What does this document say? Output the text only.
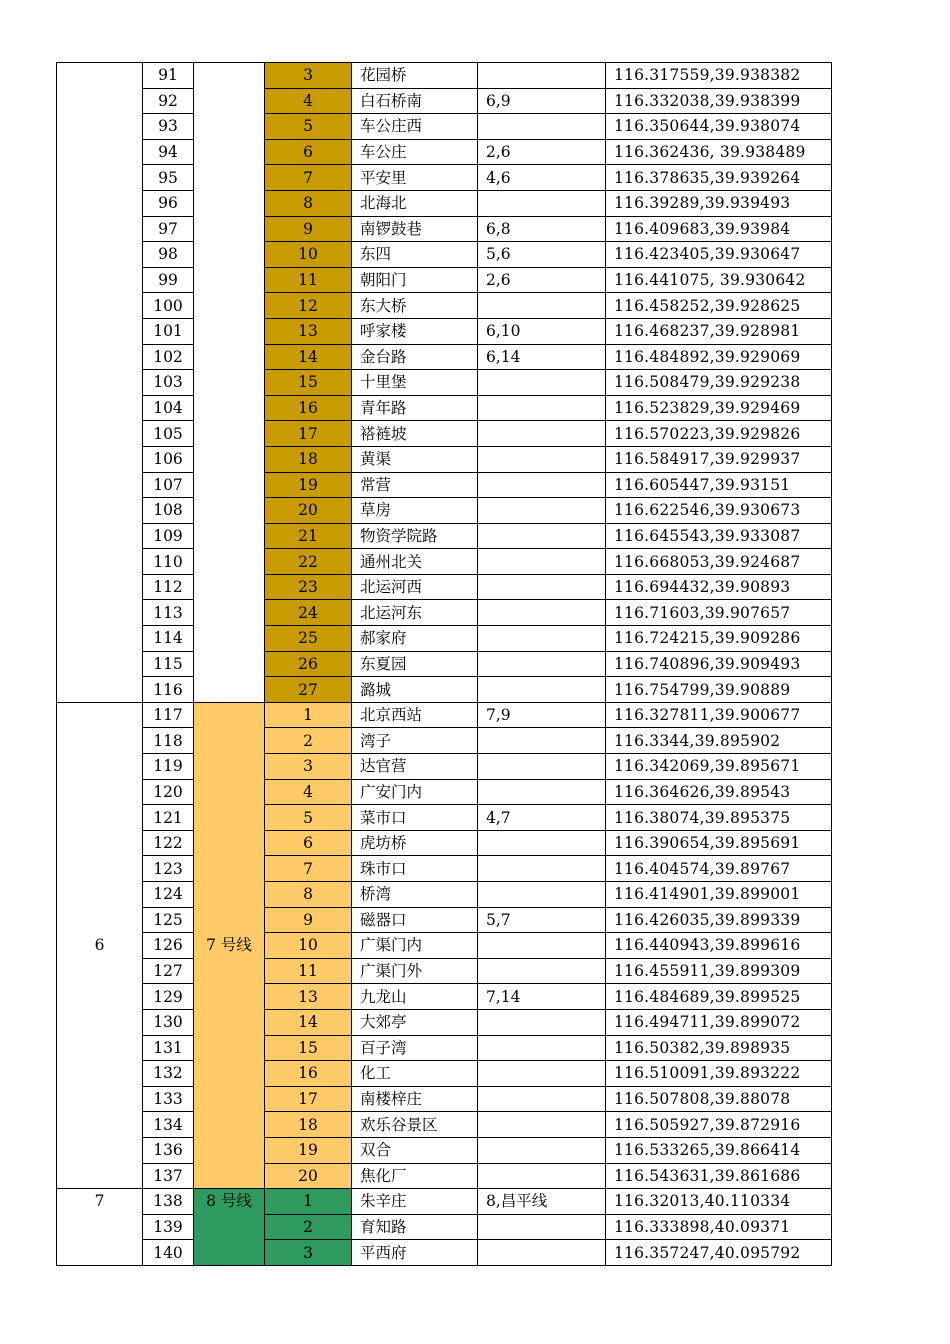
	91		3	花园桥		116.317559,39.938382
	92		4	白石桥南	6,9	116.332038,39.938399
	93		5	车公庄西		116.350644,39.938074
	94		6	车公庄	2,6	116.362436, 39.938489
	95		7	平安里	4,6	116.378635,39.939264
	96		8	北海北		116.39289,39.939493
	97		9	南锣鼓巷	6,8	116.409683,39.93984
	98		10	东四	5,6	116.423405,39.930647
	99		11	朝阳门	2,6	116.441075, 39.930642
	100		12	东大桥		116.458252,39.928625
	101		13	呼家楼	6,10	116.468237,39.928981
	102		14	金台路	6,14	116.484892,39.929069
	103		15	十里堡		116.508479,39.929238
	104		16	青年路		116.523829,39.929469
	105		17	褡裢坡		116.570223,39.929826
	106		18	黄渠		116.584917,39.929937
	107		19	常营		116.605447,39.93151
	108		20	草房		116.622546,39.930673
	109		21	物资学院路		116.645543,39.933087
	110		22	通州北关		116.668053,39.924687
	112		23	北运河西		116.694432,39.90893
	113		24	北运河东		116.71603,39.907657
	114		25	郝家府		116.724215,39.909286
	115		26	东夏园		116.740896,39.909493
	116		27	潞城		116.754799,39.90889
6	117	7 号线	1	北京西站	7,9	116.327811,39.900677
	118		2	湾子		116.3344,39.895902
	119		3	达官营		116.342069,39.895671
	120		4	广安门内		116.364626,39.89543
	121		5	菜市口	4,7	116.38074,39.895375
	122		6	虎坊桥		116.390654,39.895691
	123		7	珠市口		116.404574,39.89767
	124		8	桥湾		116.414901,39.899001
	125		9	磁器口	5,7	116.426035,39.899339
	126		10	广渠门内		116.440943,39.899616
	127		11	广渠门外		116.455911,39.899309
	129		13	九龙山	7,14	116.484689,39.899525
	130		14	大郊亭		116.494711,39.899072
	131		15	百子湾		116.50382,39.898935
	132		16	化工		116.510091,39.893222
	133		17	南楼梓庄		116.507808,39.88078
	134		18	欢乐谷景区		116.505927,39.872916
	136		19	双合		116.533265,39.866414
	137		20	焦化厂		116.543631,39.861686
7	138	8 号线	1	朱辛庄	8,昌平线	116.32013,40.110334
	139		2	育知路		116.333898,40.09371
	140		3	平西府		116.357247,40.095792
